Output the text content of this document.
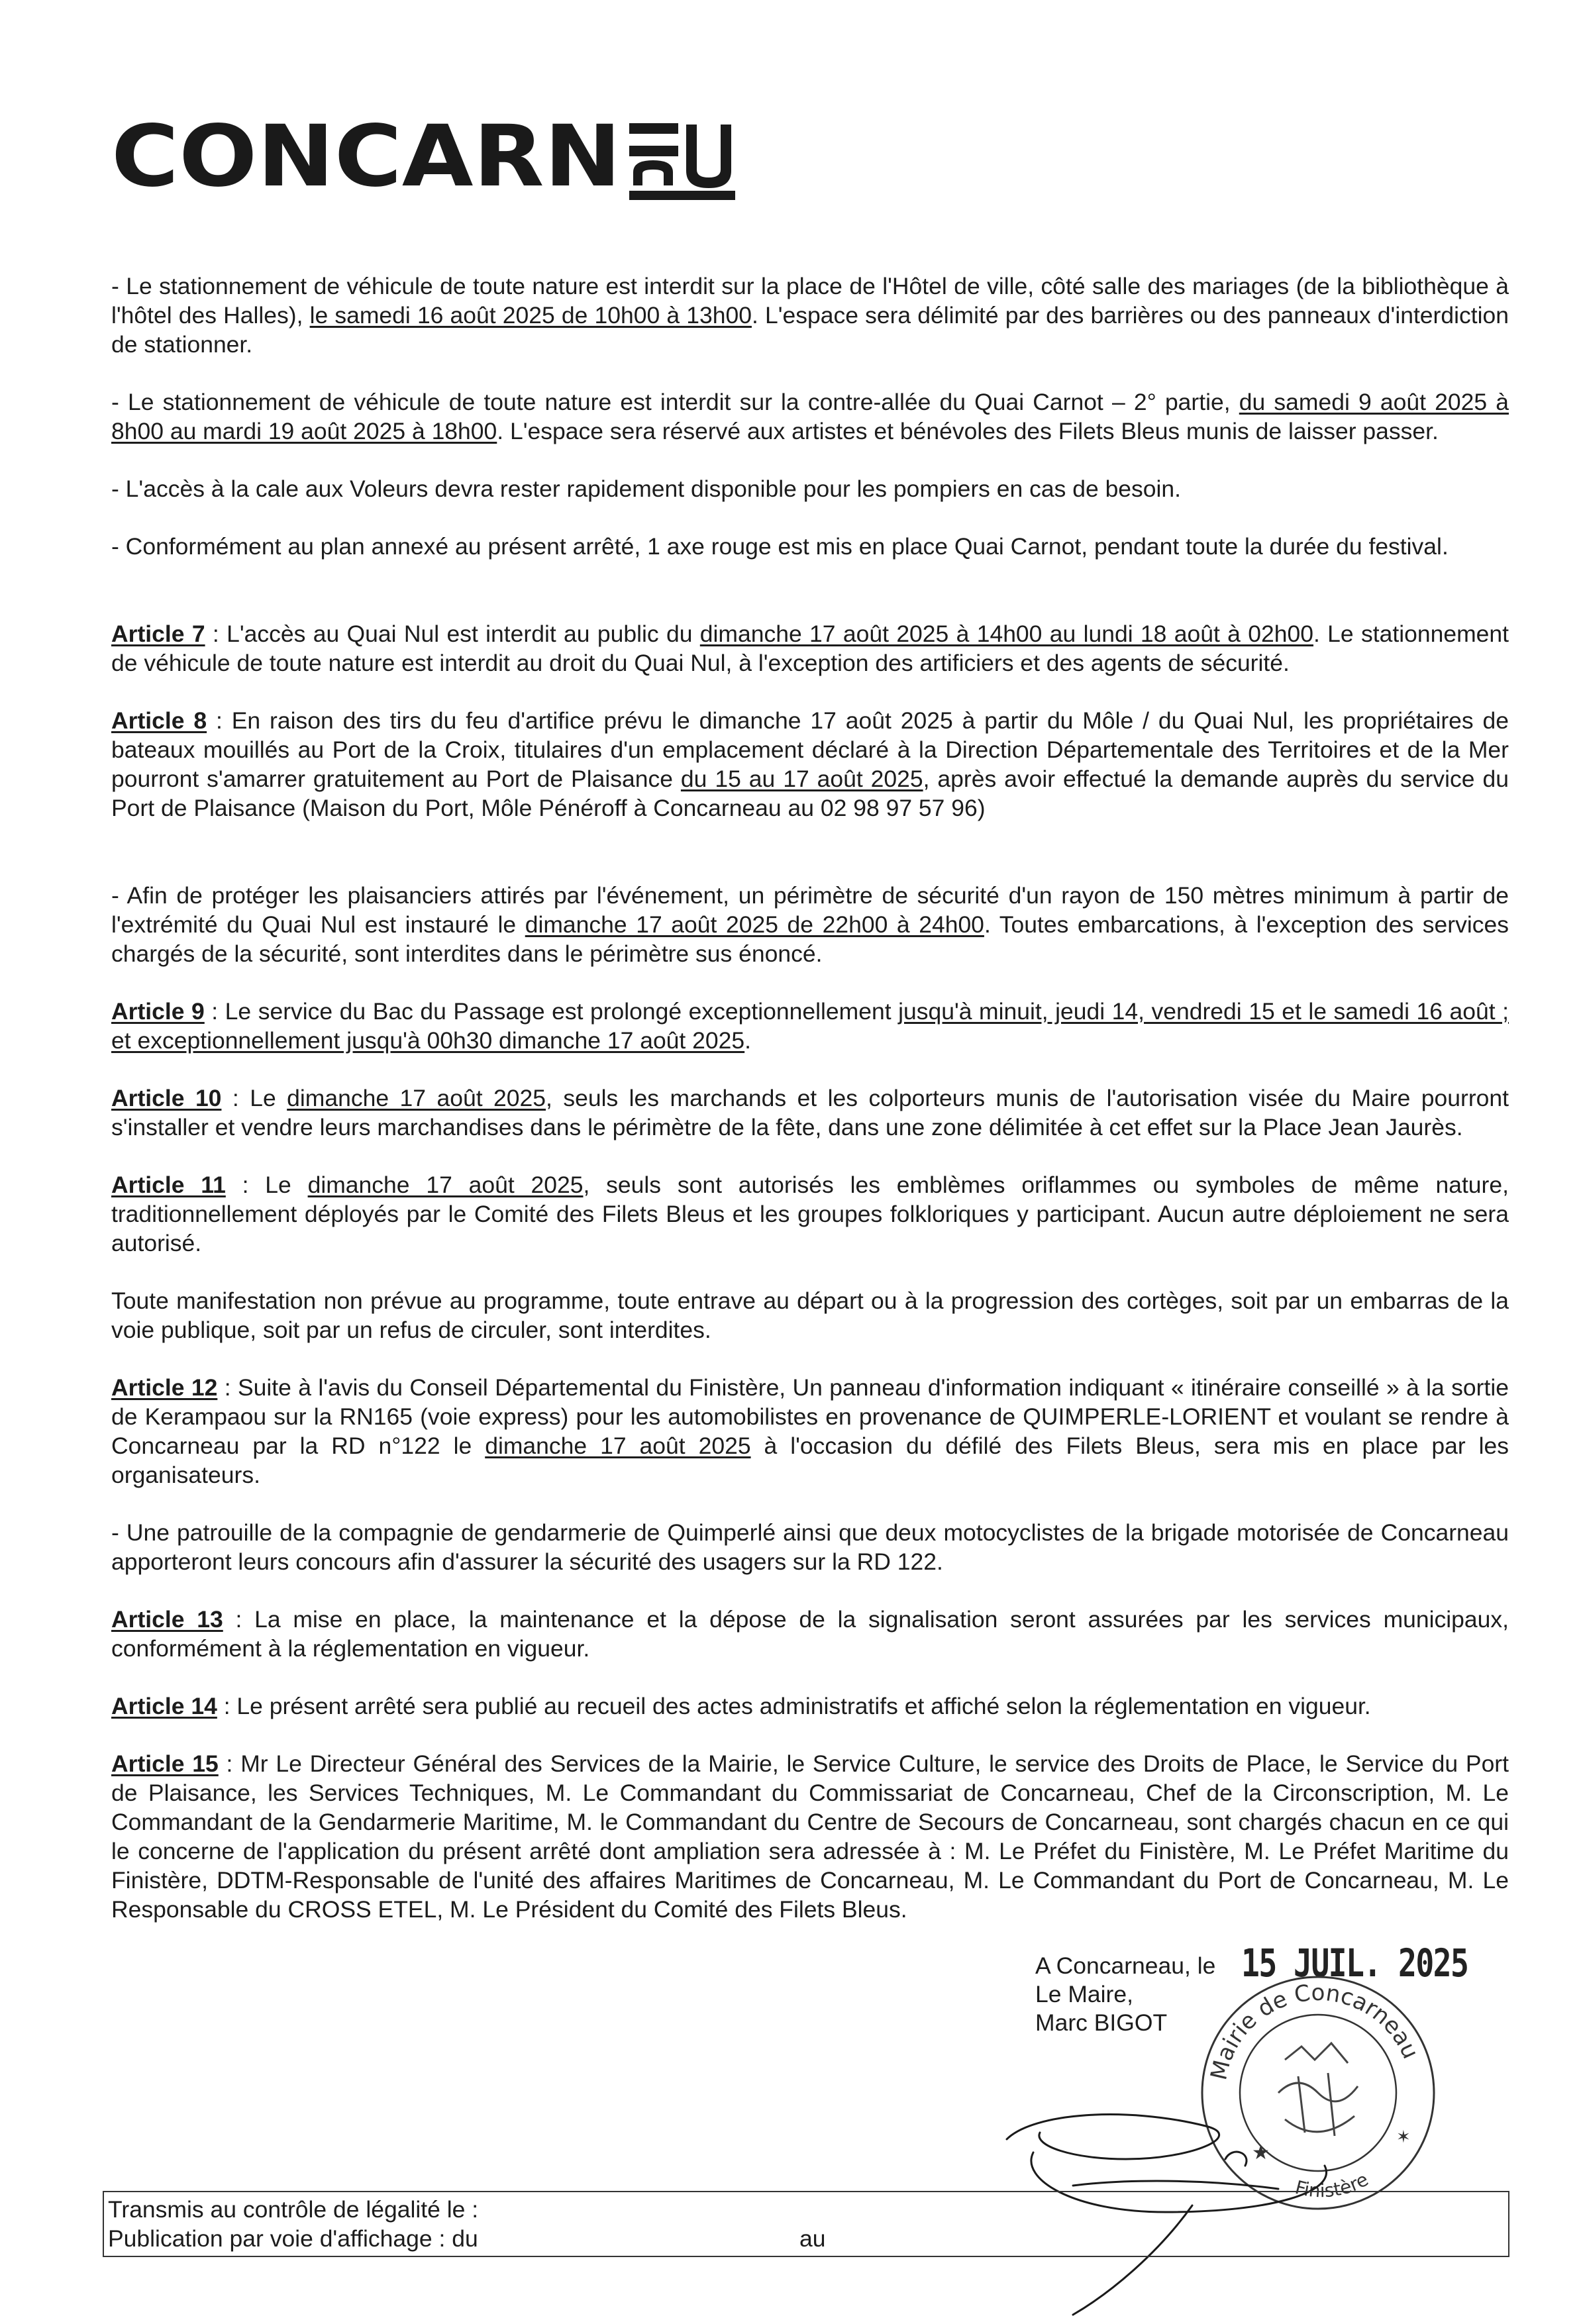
CONCARN

- Le stationnement de véhicule de toute nature est interdit sur la place de l'Hôtel de ville, côté salle des mariages (de la bibliothèque à l'hôtel des Halles), le samedi 16 août 2025 de 10h00 à 13h00. L'espace sera délimité par des barrières ou des panneaux d'interdiction de stationner.

- Le stationnement de véhicule de toute nature est interdit sur la contre-allée du Quai Carnot – 2° partie, du samedi 9 août 2025 à 8h00 au mardi 19 août 2025 à 18h00. L'espace sera réservé aux artistes et bénévoles des Filets Bleus munis de laisser passer.

- L'accès à la cale aux Voleurs devra rester rapidement disponible pour les pompiers en cas de besoin.

- Conformément au plan annexé au présent arrêté, 1 axe rouge est mis en place Quai Carnot, pendant toute la durée du festival.

Article 7 : L'accès au Quai Nul est interdit au public du dimanche 17 août 2025 à 14h00 au lundi 18 août à 02h00. Le stationnement de véhicule de toute nature est interdit au droit du Quai Nul, à l'exception des artificiers et des agents de sécurité.

Article 8 : En raison des tirs du feu d'artifice prévu le dimanche 17 août 2025 à partir du Môle / du Quai Nul, les propriétaires de bateaux mouillés au Port de la Croix, titulaires d'un emplacement déclaré à la Direction Départementale des Territoires et de la Mer pourront s'amarrer gratuitement au Port de Plaisance du 15 au 17 août 2025, après avoir effectué la demande auprès du service du Port de Plaisance (Maison du Port, Môle Pénéroff à Concarneau au 02 98 97 57 96)

- Afin de protéger les plaisanciers attirés par l'événement, un périmètre de sécurité d'un rayon de 150 mètres minimum à partir de l'extrémité du Quai Nul est instauré le dimanche 17 août 2025 de 22h00 à 24h00. Toutes embarcations, à l'exception des services chargés de la sécurité, sont interdites dans le périmètre sus énoncé.

Article 9 : Le service du Bac du Passage est prolongé exceptionnellement jusqu'à minuit, jeudi 14, vendredi 15 et le samedi 16 août ; et exceptionnellement jusqu'à 00h30 dimanche 17 août 2025.

Article 10 : Le dimanche 17 août 2025, seuls les marchands et les colporteurs munis de l'autorisation visée du Maire pourront s'installer et vendre leurs marchandises dans le périmètre de la fête, dans une zone délimitée à cet effet sur la Place Jean Jaurès.

Article 11 : Le dimanche 17 août 2025, seuls sont autorisés les emblèmes oriflammes ou symboles de même nature, traditionnellement déployés par le Comité des Filets Bleus et les groupes folkloriques y participant. Aucun autre déploiement ne sera autorisé.

Toute manifestation non prévue au programme, toute entrave au départ ou à la progression des cortèges, soit par un embarras de la voie publique, soit par un refus de circuler, sont interdites.

Article 12 : Suite à l'avis du Conseil Départemental du Finistère, Un panneau d'information indiquant « itinéraire conseillé » à la sortie de Kerampaou sur la RN165 (voie express) pour les automobilistes en provenance de QUIMPERLE-LORIENT et voulant se rendre à Concarneau par la RD n°122 le dimanche 17 août 2025 à l'occasion du défilé des Filets Bleus, sera mis en place par les organisateurs.

- Une patrouille de la compagnie de gendarmerie de Quimperlé ainsi que deux motocyclistes de la brigade motorisée de Concarneau apporteront leurs concours afin d'assurer la sécurité des usagers sur la RD 122.

Article 13 : La mise en place, la maintenance et la dépose de la signalisation seront assurées par les services municipaux, conformément à la réglementation en vigueur.

Article 14 : Le présent arrêté sera publié au recueil des actes administratifs et affiché selon la réglementation en vigueur.

Article 15 : Mr Le Directeur Général des Services de la Mairie, le Service Culture, le service des Droits de Place, le Service du Port de Plaisance, les Services Techniques, M. Le Commandant du Commissariat de Concarneau, Chef de la Circonscription, M. Le Commandant de la Gendarmerie Maritime, M. le Commandant du Centre de Secours de Concarneau, sont chargés chacun en ce qui le concerne de l'application du présent arrêté dont ampliation sera adressée à : M. Le Préfet du Finistère, M. Le Préfet Maritime du Finistère, DDTM-Responsable de l'unité des affaires Maritimes de Concarneau, M. Le Commandant du Port de Concarneau, M. Le Responsable du CROSS ETEL, M. Le Président du Comité des Filets Bleus.

A Concarneau, le
Le Maire,
Marc BIGOT
15 JUIL. 2025
Mairie de Concarneau
Finistère
★
✶
Transmis au contrôle de légalité le :
Publication par voie d'affichage : du	au
